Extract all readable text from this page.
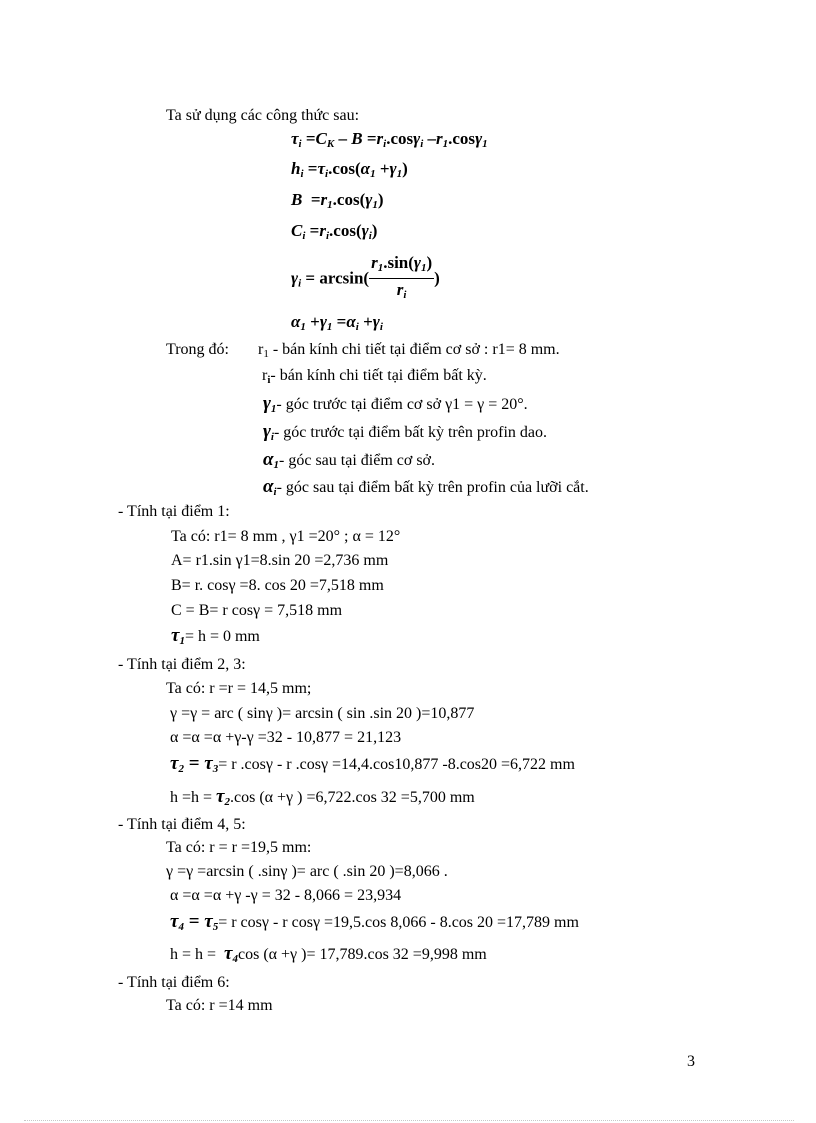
Ta sử dụng các công thức sau:
$\tau_i =C_K - B =r_i.\cos\gamma_i$ $-r_1.\cos\gamma_1$
$h_i =\tau_i.\cos(\alpha_1 +\gamma_1)$
$B =r_1.\cos(\gamma_1)$
$C_i =r_i.\cos(\gamma_i)$
$\gamma_i = \arcsin( \frac{r_1.\sin(\gamma_1)}{r_i}$ )
$\alpha_1 +\gamma_1 =\alpha_i +\gamma_i$
Trong đó: $r_1$ - bán kính chi tiết tại điểm cơ sở : r1= 8 mm.
$r_i-$ bán kính chi tiết tại điểm bất kỳ.
$\gamma_1-$ góc trước tại điểm cơ sở γ1 = γ = 20°.
$\gamma_i-$ góc trước tại điểm bất kỳ trên profin dao.
$\alpha_1-$ góc sau tại điểm cơ sở.
$\alpha_i-$ góc sau tại điểm bất kỳ trên profin của lưỡi cắt.
- Tính tại điểm 1:
Ta có: r1= 8 mm , γ1 =20° ; α = 12°
A= r1.sin γ1=8.sin 20 =2,736 mm
B= r. cosγ =8. cos 20 =7,518 mm
C = B= r cosγ = 7,518 mm
$\tau_1= h = 0$ mm
- Tính tại điểm 2, 3:
Ta có: r =r = 14,5 mm;
γ =γ = arc ( sinγ )= arcsin ( sin .sin 20 )=10,877
α =α =α +γ-γ =32 - 10,877 = 21,123
$\tau_2 = \tau_3= r$ .cosγ - r .cosγ =14,4.cos10,877 -8.cos20 =6,722 mm
$h =h = \tau_2.\cos$ (α +γ ) =6,722.cos 32 =5,700 mm
- Tính tại điểm 4, 5:
Ta có: r = r =19,5 mm:
γ =γ =arcsin ( .sinγ )= arc ( .sin 20 )=8,066 .
α =α =α +γ -γ = 32 - 8,066 = 23,934
$\tau_4 = \tau_5= r$ cosγ - r cosγ =19,5.cos 8,066 - 8.cos 20 =17,789 mm
$h = h = \tau_4\cos$ (α +γ )= 17,789.cos 32 =9,998 mm
- Tính tại điểm 6:
Ta có: r =14 mm
3
